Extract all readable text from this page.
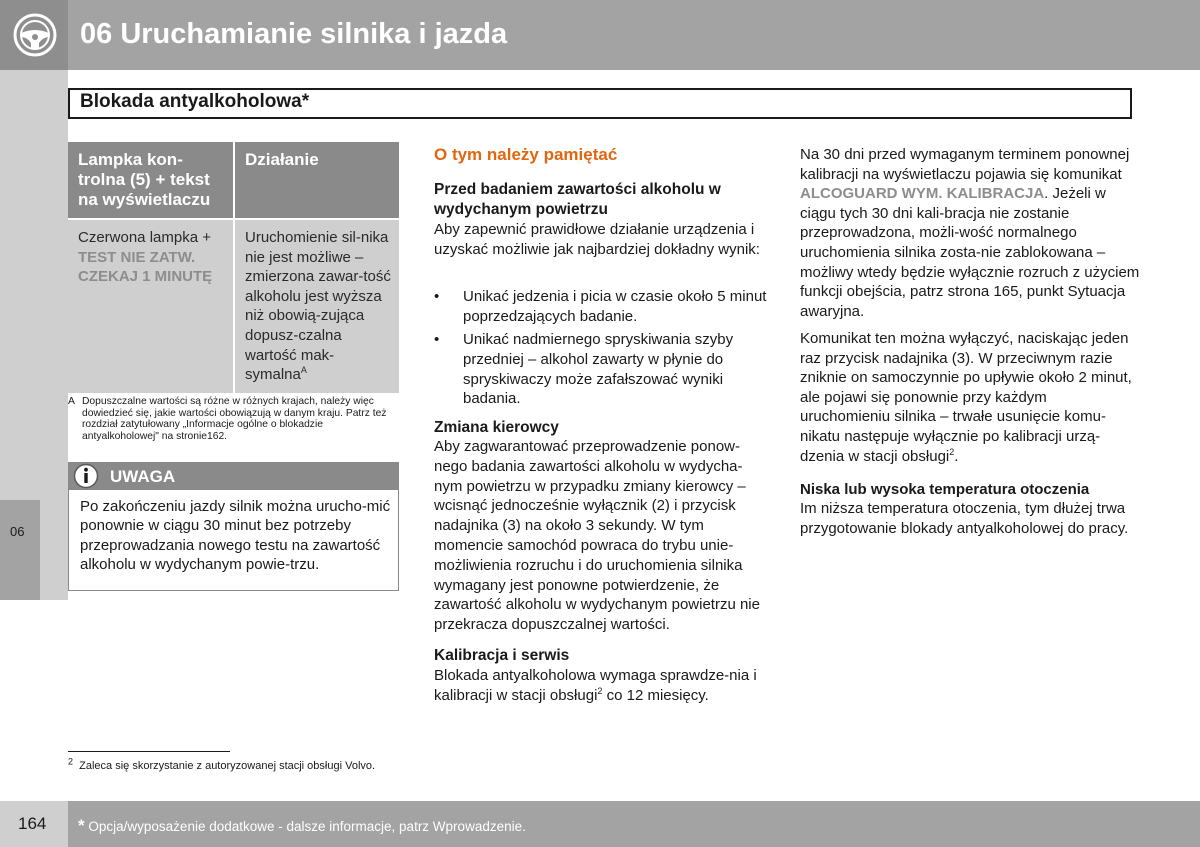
06 Uruchamianie silnika i jazda
06
Blokada antyalkoholowa*
Lampka kon-trolna (5) + tekst na wyświetlaczu	Działanie
Czerwona lampka +
TEST NIE ZATW. CZEKAJ 1 MINUTĘ	Uruchomienie sil-nika nie jest możliwe – zmierzona zawar-tość alkoholu jest wyższa niż obowią-zująca dopusz-czalna wartość mak-symalna$^A$
A Dopuszczalne wartości są różne w różnych krajach, należy więc dowiedzieć się, jakie wartości obowiązują w danym kraju. Patrz też rozdział zatytułowany „Informacje ogólne o blokadzie antyalkoholowej" na stronie162.
UWAGA
Po zakończeniu jazdy silnik można urucho-mić ponownie w ciągu 30 minut bez potrzeby przeprowadzania nowego testu na zawartość alkoholu w wydychanym powie-trzu.
O tym należy pamiętać
Przed badaniem zawartości alkoholu w wydychanym powietrzu
Aby zapewnić prawidłowe działanie urządzenia i uzyskać możliwie jak najbardziej dokładny wynik:
•	Unikać jedzenia i picia w czasie około 5 minut poprzedzających badanie.
•	Unikać nadmiernego spryskiwania szyby przedniej – alkohol zawarty w płynie do spryskiwaczy może zafałszować wyniki badania.
Zmiana kierowcy
Aby zagwarantować przeprowadzenie ponow-nego badania zawartości alkoholu w wydycha-nym powietrzu w przypadku zmiany kierowcy – wcisnąć jednocześnie wyłącznik (2) i przycisk nadajnika (3) na około 3 sekundy. W tym momencie samochód powraca do trybu unie-możliwienia rozruchu i do uruchomienia silnika wymagany jest ponowne potwierdzenie, że zawartość alkoholu w wydychanym powietrzu nie przekracza dopuszczalnej wartości.
Kalibracja i serwis
Blokada antyalkoholowa wymaga sprawdze-nia i kalibracji w stacji obsługi$^2$ co 12 miesięcy.
Na 30 dni przed wymaganym terminem ponownej kalibracji na wyświetlaczu pojawia się komunikat ALCOGUARD WYM. KALIBRACJA. Jeżeli w ciągu tych 30 dni kali-bracja nie zostanie przeprowadzona, możli-wość normalnego uruchomienia silnika zosta-nie zablokowana – możliwy wtedy będzie wyłącznie rozruch z użyciem funkcji obejścia, patrz strona 165, punkt Sytuacja awaryjna.
Komunikat ten można wyłączyć, naciskając jeden raz przycisk nadajnika (3). W przeciwnym razie zniknie on samoczynnie po upływie około 2 minut, ale pojawi się ponownie przy każdym uruchomieniu silnika – trwałe usunięcie komu-nikatu następuje wyłącznie po kalibracji urzą-dzenia w stacji obsługi$^2$.
Niska lub wysoka temperatura otoczenia
Im niższa temperatura otoczenia, tym dłużej trwa przygotowanie blokady antyalkoholowej do pracy.
$^2$ Zaleca się skorzystanie z autoryzowanej stacji obsługi Volvo.
164 * Opcja/wyposażenie dodatkowe - dalsze informacje, patrz Wprowadzenie.
